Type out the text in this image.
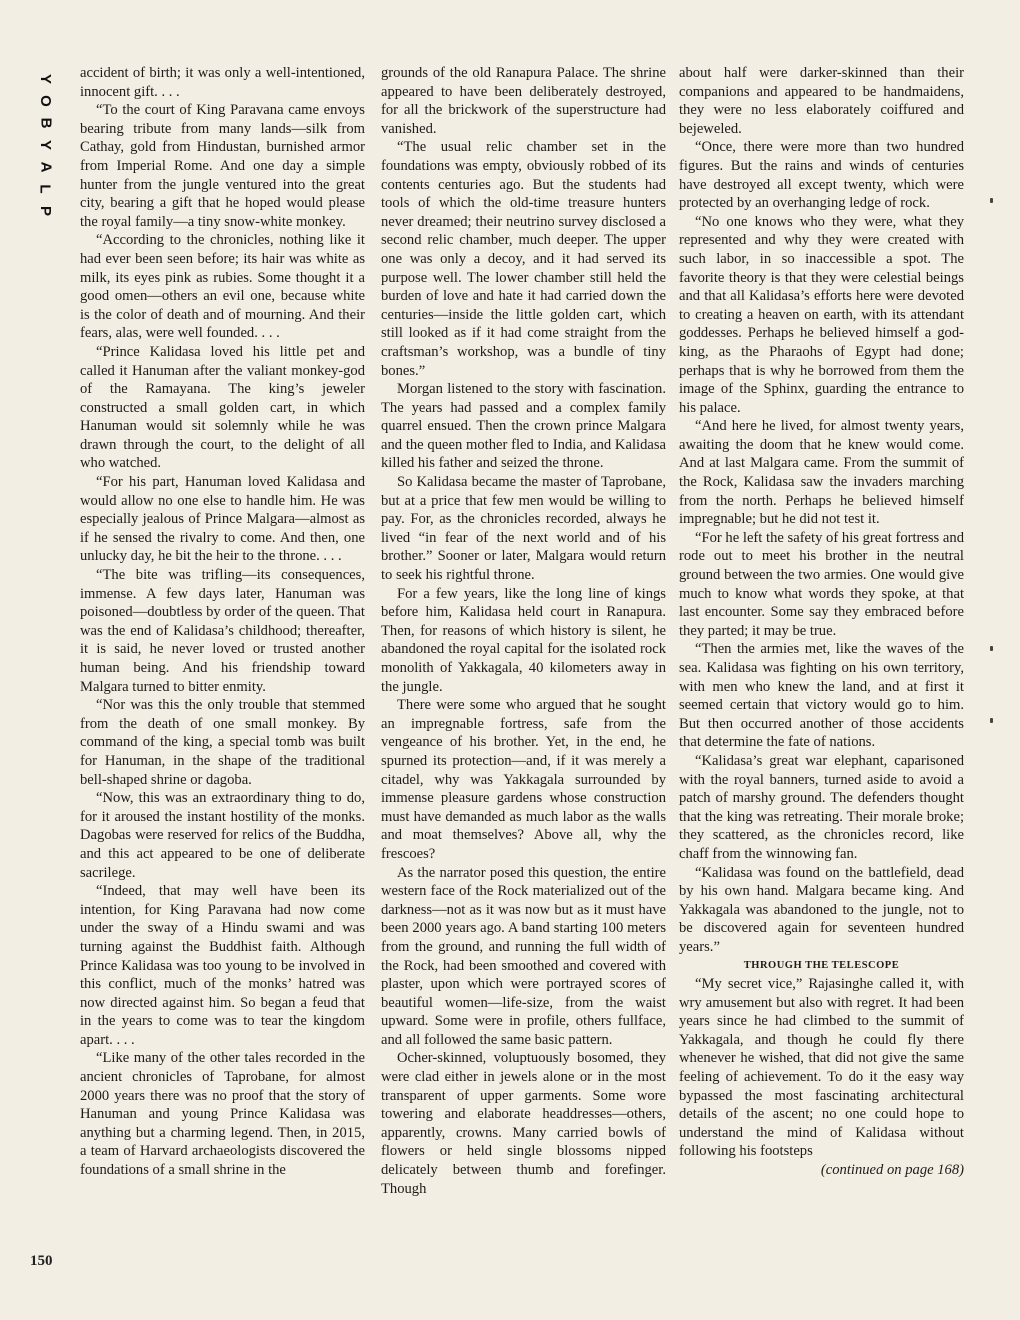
Y
O
B
Y
A
L
P
150

accident of birth; it was only a well-intentioned, innocent gift. . . .

“To the court of King Paravana came envoys bearing tribute from many lands—silk from Cathay, gold from Hindustan, burnished armor from Imperial Rome. And one day a simple hunter from the jungle ventured into the great city, bearing a gift that he hoped would please the royal family—a tiny snow-white monkey.

“According to the chronicles, nothing like it had ever been seen before; its hair was white as milk, its eyes pink as rubies. Some thought it a good omen—others an evil one, because white is the color of death and of mourning. And their fears, alas, were well founded. . . .

“Prince Kalidasa loved his little pet and called it Hanuman after the valiant monkey-god of the Ramayana. The king’s jeweler constructed a small golden cart, in which Hanuman would sit solemnly while he was drawn through the court, to the delight of all who watched.

“For his part, Hanuman loved Kalidasa and would allow no one else to handle him. He was especially jealous of Prince Malgara—almost as if he sensed the rivalry to come. And then, one unlucky day, he bit the heir to the throne. . . .

“The bite was trifling—its consequences, immense. A few days later, Hanuman was poisoned—doubtless by order of the queen. That was the end of Kalidasa’s childhood; thereafter, it is said, he never loved or trusted another human being. And his friendship toward Malgara turned to bitter enmity.

“Nor was this the only trouble that stemmed from the death of one small monkey. By command of the king, a special tomb was built for Hanuman, in the shape of the traditional bell-shaped shrine or dagoba.

“Now, this was an extraordinary thing to do, for it aroused the instant hostility of the monks. Dagobas were reserved for relics of the Buddha, and this act appeared to be one of deliberate sacrilege.

“Indeed, that may well have been its intention, for King Paravana had now come under the sway of a Hindu swami and was turning against the Buddhist faith. Although Prince Kalidasa was too young to be involved in this conflict, much of the monks’ hatred was now directed against him. So began a feud that in the years to come was to tear the kingdom apart. . . .

“Like many of the other tales recorded in the ancient chronicles of Taprobane, for almost 2000 years there was no proof that the story of Hanuman and young Prince Kalidasa was anything but a charming legend. Then, in 2015, a team of Harvard archaeologists discovered the foundations of a small shrine in the

grounds of the old Ranapura Palace. The shrine appeared to have been deliberately destroyed, for all the brickwork of the superstructure had vanished.

“The usual relic chamber set in the foundations was empty, obviously robbed of its contents centuries ago. But the students had tools of which the old-time treasure hunters never dreamed; their neutrino survey disclosed a second relic chamber, much deeper. The upper one was only a decoy, and it had served its purpose well. The lower chamber still held the burden of love and hate it had carried down the centuries—inside the little golden cart, which still looked as if it had come straight from the craftsman’s workshop, was a bundle of tiny bones.”

Morgan listened to the story with fascination. The years had passed and a complex family quarrel ensued. Then the crown prince Malgara and the queen mother fled to India, and Kalidasa killed his father and seized the throne.

So Kalidasa became the master of Taprobane, but at a price that few men would be willing to pay. For, as the chronicles recorded, always he lived “in fear of the next world and of his brother.” Sooner or later, Malgara would return to seek his rightful throne.

For a few years, like the long line of kings before him, Kalidasa held court in Ranapura. Then, for reasons of which history is silent, he abandoned the royal capital for the isolated rock monolith of Yakkagala, 40 kilometers away in the jungle.

There were some who argued that he sought an impregnable fortress, safe from the vengeance of his brother. Yet, in the end, he spurned its protection—and, if it was merely a citadel, why was Yakkagala surrounded by immense pleasure gardens whose construction must have demanded as much labor as the walls and moat themselves? Above all, why the frescoes?

As the narrator posed this question, the entire western face of the Rock materialized out of the darkness—not as it was now but as it must have been 2000 years ago. A band starting 100 meters from the ground, and running the full width of the Rock, had been smoothed and covered with plaster, upon which were portrayed scores of beautiful women—life-size, from the waist upward. Some were in profile, others fullface, and all followed the same basic pattern.

Ocher-skinned, voluptuously bosomed, they were clad either in jewels alone or in the most transparent of upper garments. Some wore towering and elaborate headdresses—others, apparently, crowns. Many carried bowls of flowers or held single blossoms nipped delicately between thumb and forefinger. Though

about half were darker-skinned than their companions and appeared to be handmaidens, they were no less elaborately coiffured and bejeweled.

“Once, there were more than two hundred figures. But the rains and winds of centuries have destroyed all except twenty, which were protected by an overhanging ledge of rock.

“No one knows who they were, what they represented and why they were created with such labor, in so inaccessible a spot. The favorite theory is that they were celestial beings and that all Kalidasa’s efforts here were devoted to creating a heaven on earth, with its attendant goddesses. Perhaps he believed himself a god-king, as the Pharaohs of Egypt had done; perhaps that is why he borrowed from them the image of the Sphinx, guarding the entrance to his palace.

“And here he lived, for almost twenty years, awaiting the doom that he knew would come. And at last Malgara came. From the summit of the Rock, Kalidasa saw the invaders marching from the north. Perhaps he believed himself impregnable; but he did not test it.

“For he left the safety of his great fortress and rode out to meet his brother in the neutral ground between the two armies. One would give much to know what words they spoke, at that last encounter. Some say they embraced before they parted; it may be true.

“Then the armies met, like the waves of the sea. Kalidasa was fighting on his own territory, with men who knew the land, and at first it seemed certain that victory would go to him. But then occurred another of those accidents that determine the fate of nations.

“Kalidasa’s great war elephant, caparisoned with the royal banners, turned aside to avoid a patch of marshy ground. The defenders thought that the king was retreating. Their morale broke; they scattered, as the chronicles record, like chaff from the winnowing fan.

“Kalidasa was found on the battlefield, dead by his own hand. Malgara became king. And Yakkagala was abandoned to the jungle, not to be discovered again for seventeen hundred years.”

THROUGH THE TELESCOPE

“My secret vice,” Rajasinghe called it, with wry amusement but also with regret. It had been years since he had climbed to the summit of Yakkagala, and though he could fly there whenever he wished, that did not give the same feeling of achievement. To do it the easy way bypassed the most fascinating architectural details of the ascent; no one could hope to understand the mind of Kalidasa without following his footsteps

(continued on page 168)
